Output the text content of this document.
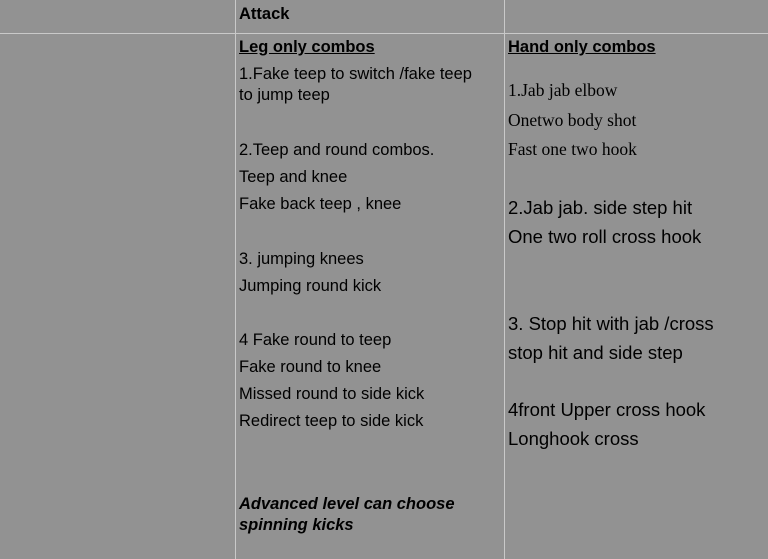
Attack
Leg only combos
1.Fake teep to switch /fake teep
to jump teep
2.Teep and round combos.
Teep and knee
Fake back teep , knee
3. jumping knees
Jumping round kick
4 Fake round to teep
Fake round to knee
Missed round to side kick
Redirect teep to side kick
Advanced level can choose
spinning kicks
Hand only combos
1.Jab jab elbow
Onetwo body shot
Fast one two hook
2.Jab jab. side step hit
One two roll cross hook
3. Stop hit with jab /cross
stop hit and side step
4front Upper cross hook
Longhook cross
